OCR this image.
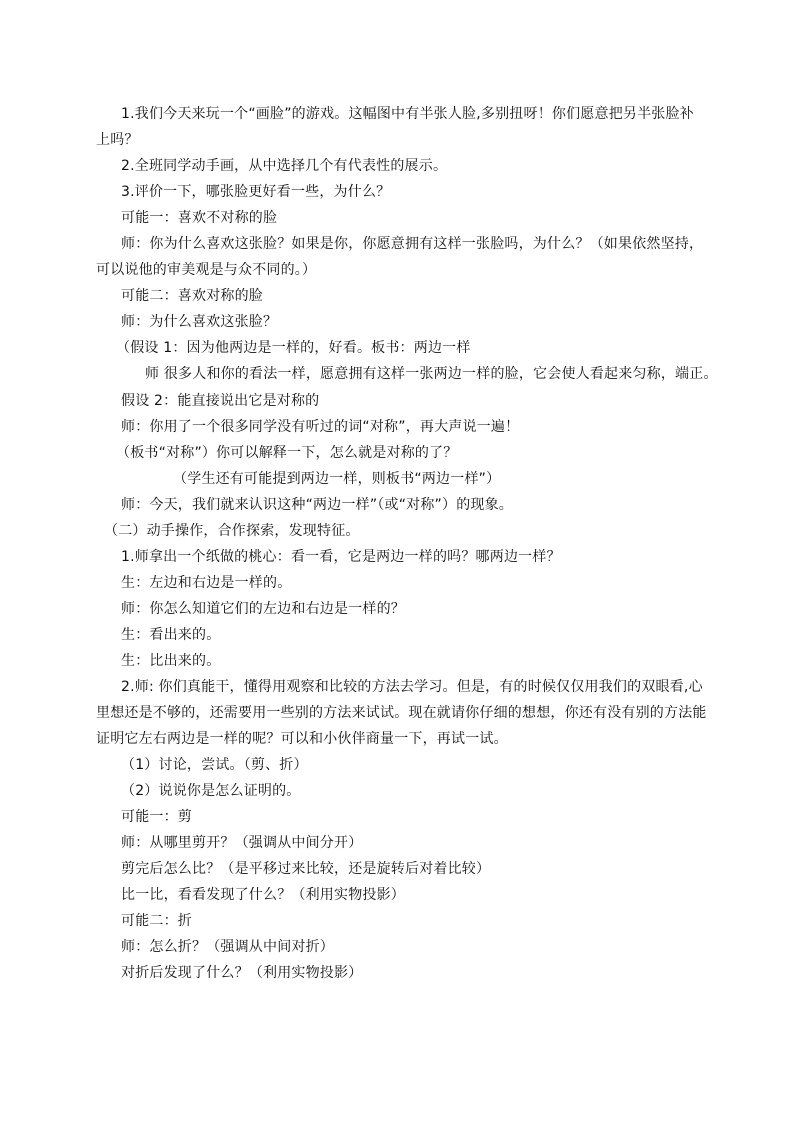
1.我们今天来玩一个“画脸”的游戏。这幅图中有半张人脸,多别扭呀！你们愿意把另半张脸补
上吗？
2.全班同学动手画，从中选择几个有代表性的展示。
3.评价一下，哪张脸更好看一些，为什么？
可能一：喜欢不对称的脸
师：你为什么喜欢这张脸？如果是你，你愿意拥有这样一张脸吗，为什么？（如果依然坚持，
可以说他的审美观是与众不同的。）
可能二：喜欢对称的脸
师：为什么喜欢这张脸？
（假设 1：因为他两边是一样的，好看。板书：两边一样
师 很多人和你的看法一样，愿意拥有这样一张两边一样的脸，它会使人看起来匀称，端正。
假设 2：能直接说出它是对称的
师：你用了一个很多同学没有听过的词“对称”，再大声说一遍！
（板书“对称”）你可以解释一下，怎么就是对称的了？
（学生还有可能提到两边一样，则板书“两边一样”）
师：今天，我们就来认识这种“两边一样”（或“对称”）的现象。
（二）动手操作，合作探索，发现特征。
1.师拿出一个纸做的桃心：看一看，它是两边一样的吗？哪两边一样？
生：左边和右边是一样的。
师：你怎么知道它们的左边和右边是一样的？
生：看出来的。
生：比出来的。
2.师: 你们真能干，懂得用观察和比较的方法去学习。但是，有的时候仅仅用我们的双眼看,心
里想还是不够的，还需要用一些别的方法来试试。现在就请你仔细的想想，你还有没有别的方法能
证明它左右两边是一样的呢？可以和小伙伴商量一下，再试一试。
（1）讨论，尝试。（剪、折）
（2）说说你是怎么证明的。
可能一：剪
师：从哪里剪开？（强调从中间分开）
剪完后怎么比？（是平移过来比较，还是旋转后对着比较）
比一比，看看发现了什么？（利用实物投影）
可能二：折
师：怎么折？（强调从中间对折）
对折后发现了什么？（利用实物投影）
